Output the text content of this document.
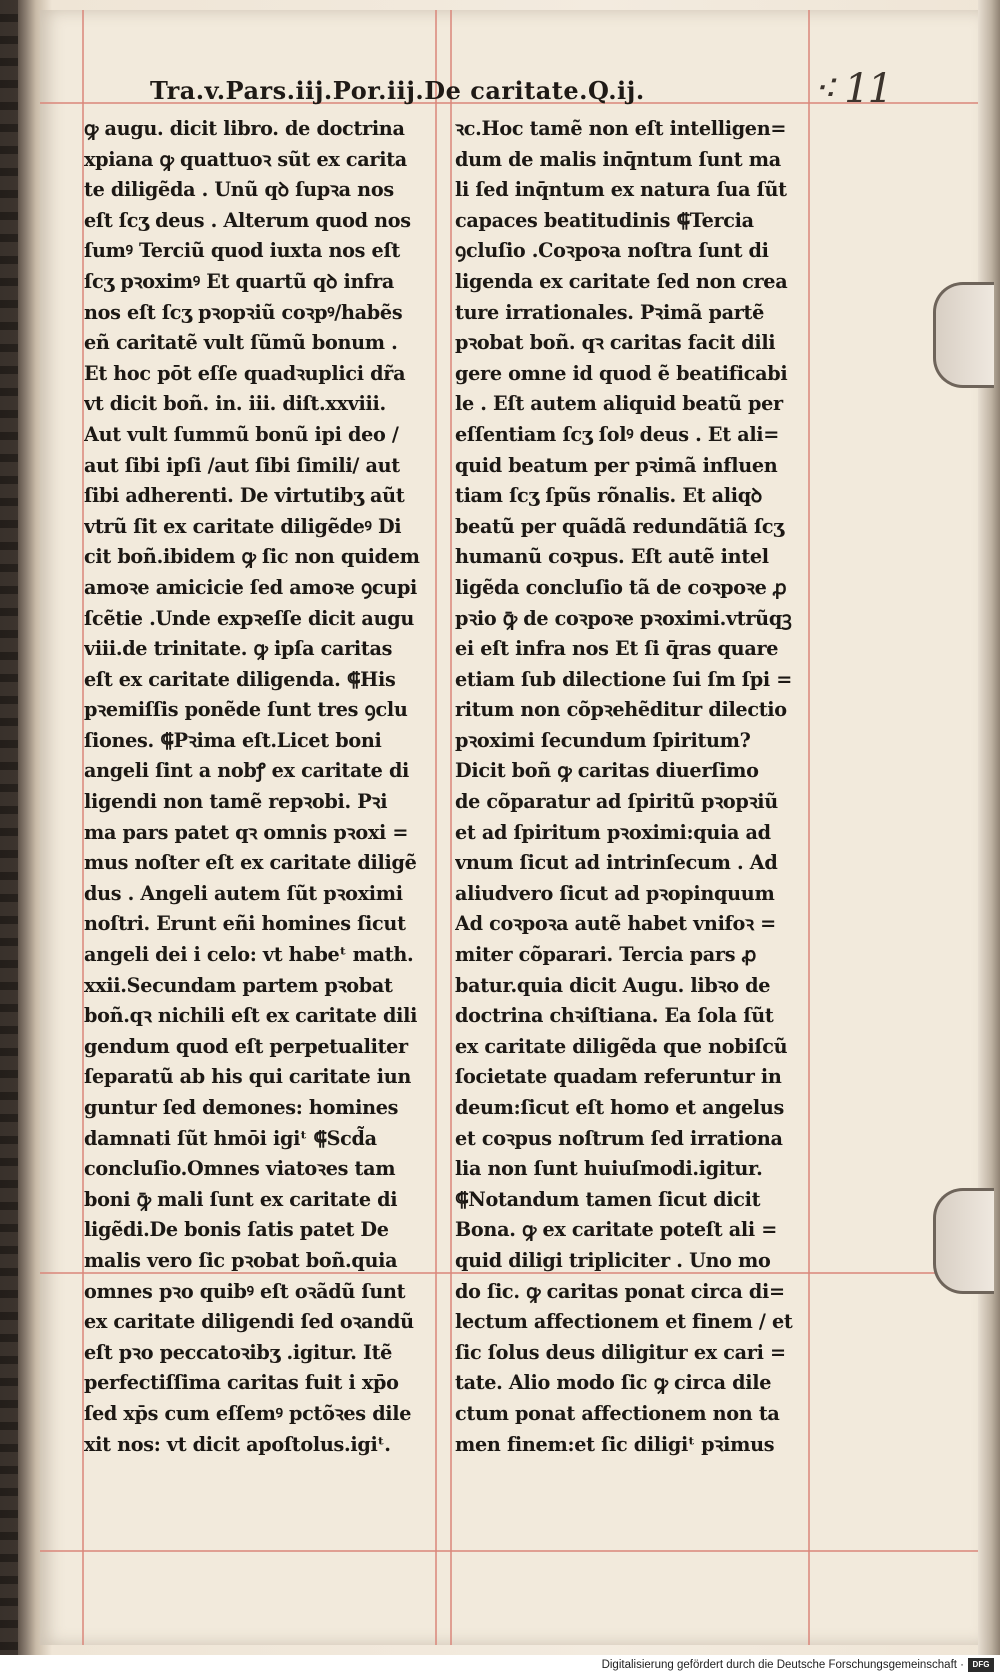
Tra.v.Pars.iij.Por.iij.De caritate.Q.ij.	⁖ 11
ꝙ augu. dicit libro. de doctrina
xpiana ꝙ quattuoꝛ sũt ex carita
te diligẽda . Unũ qꝺ ſupꝛa nos
eſt ſcʒ deus . Alterum quod nos
ſumꝰ Terciũ quod iuxta nos eſt
ſcʒ pꝛoximꝰ Et quartũ qꝺ infra
nos eſt ſcʒ pꝛopꝛiũ coꝛpꝰ/habẽs
eñ caritatẽ vult ſũmũ bonum .
Et hoc pōt eſſe quadꝛuplici dr̃a
vt dicit boñ. in. iii. diſt.xxviii.
Aut vult ſummũ bonũ ipi deo /
aut ſibi ipſi /aut ſibi ſimili/ aut
ſibi adherenti. De virtutibʒ aũt
vtrũ ſit ex caritate diligẽdeꝰ Di
cit boñ.ibidem ꝙ ſic non quidem
amoꝛe amicicie ſed amoꝛe ꝯcupi
ſcẽtie .Unde expꝛeſſe dicit augu
viii.de trinitate. ꝙ ipſa caritas
eſt ex caritate diligenda. ⸿His
pꝛemiſſis ponẽde ſunt tres ꝯclu
ſiones. ⸿Pꝛima eſt.Licet boni
angeli ſint a nobꝭ ex caritate di
ligendi non tamẽ repꝛobi. Pꝛi
ma pars patet qꝛ omnis pꝛoxi =
mus noſter eſt ex caritate diligẽ
dus . Angeli autem ſũt pꝛoximi
noſtri. Erunt eñi homines ſicut
angeli dei i celo: vt habeᵗ math.
xxii.Secundam partem pꝛobat
boñ.qꝛ nichili eſt ex caritate dili
gendum quod eſt perpetualiter
ſeparatũ ab his qui caritate iun
guntur ſed demones: homines
damnati ſũt hmōi igiᵗ ⸿Scd̃a
concluſio.Omnes viatoꝛes tam
boni ꝙ̄ mali ſunt ex caritate di
ligẽdi.De bonis ſatis patet De
malis vero ſic pꝛobat boñ.quia
omnes pꝛo quibꝰ eſt oꝛãdũ ſunt
ex caritate diligendi ſed oꝛandũ
eſt pꝛo peccatoꝛibʒ .igitur. Itẽ
perfectiſſima caritas fuit i xp̄o
ſed xp̄s cum eſſemꝰ pctõꝛes dile
xit nos: vt dicit apoſtolus.igiᵗ.
ꝛc.Hoc tamẽ non eſt intelligen=
dum de malis inq̄ntum ſunt ma
li ſed inq̄ntum ex natura ſua ſũt
capaces beatitudinis ⸿Tercia
ꝯcluſio .Coꝛpoꝛa noſtra ſunt di
ligenda ex caritate ſed non crea
ture irrationales. Pꝛimã partẽ
pꝛobat boñ. qꝛ caritas facit dili
gere omne id quod ẽ beatificabi
le . Eſt autem aliquid beatũ per
eſſentiam ſcʒ ſolꝰ deus . Et ali=
quid beatum per pꝛimã influen
tiam ſcʒ ſpũs rõnalis. Et aliqꝺ
beatũ per quãdã redundãtiã ſcʒ
humanũ coꝛpus. Eſt autẽ intel
ligẽda concluſio tã de coꝛpoꝛe ꝓ
pꝛio ꝙ̄ de coꝛpoꝛe pꝛoximi.vtrũqꝫ
ei eſt infra nos Et ſi q̄ras quare
etiam ſub dilectione ſui ſm ſpi =
ritum non cõpꝛehẽditur dilectio
pꝛoximi ſecundum ſpiritum?
Dicit boñ ꝙ caritas diuerſimo
de cõparatur ad ſpiritũ pꝛopꝛiũ
et ad ſpiritum pꝛoximi:quia ad
vnum ſicut ad intrinſecum . Ad
aliudvero ſicut ad pꝛopinquum
Ad coꝛpoꝛa autẽ habet vnifoꝛ =
miter cõparari. Tercia pars ꝓ
batur.quia dicit Augu. libꝛo de
doctrina chꝛiſtiana. Ea ſola ſũt
ex caritate diligẽda que nobiſcũ
ſocietate quadam referuntur in
deum:ſicut eſt homo et angelus
et coꝛpus noſtrum ſed irrationa
lia non ſunt huiuſmodi.igitur.
⸿Notandum tamen ſicut dicit
Bona. ꝙ ex caritate poteſt ali =
quid diligi tripliciter . Uno mo
do ſic. ꝙ caritas ponat circa di=
lectum affectionem et finem / et
ſic ſolus deus diligitur ex cari =
tate. Alio modo ſic ꝙ circa dile
ctum ponat affectionem non ta
men finem:et ſic diligiᵗ pꝛimus
Digitalisierung gefördert durch die Deutsche Forschungsgemeinschaft ·	DFG
